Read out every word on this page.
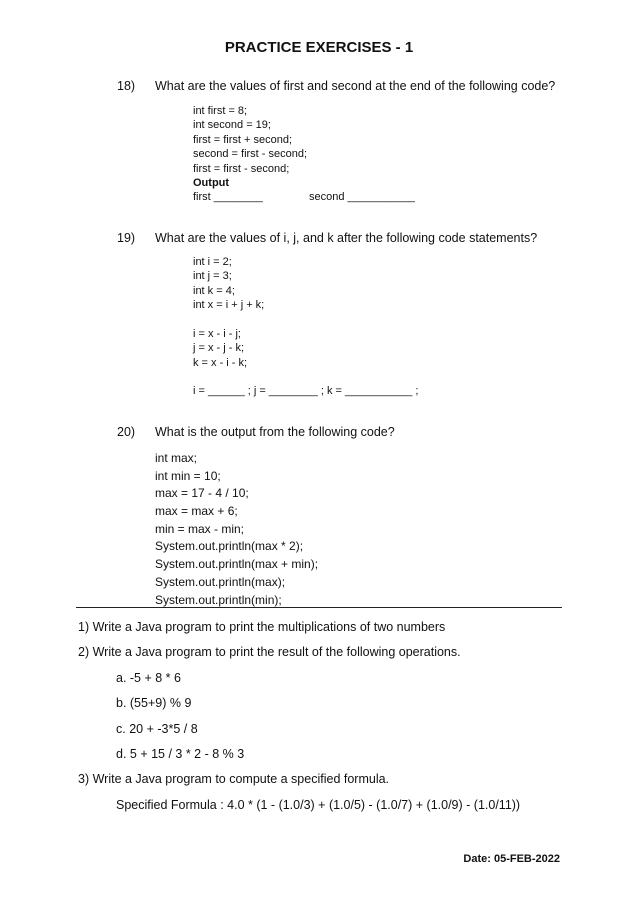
PRACTICE EXERCISES - 1
18) What are the values of first and second at the end of the following code?
int first = 8;
int second = 19;
first = first + second;
second = first - second;
first = first - second;
Output
first ________	second ___________
19) What are the values of i, j, and k after the following code statements?
int i = 2;
int j = 3;
int k = 4;
int x = i + j + k;
i = x - i - j;
j = x - j - k;
k = x - i - k;
i = ______ ; j = ________ ; k = ___________ ;
20) What is the output from the following code?
int max;
int min = 10;
max = 17 - 4 / 10;
max = max + 6;
min = max - min;
System.out.println(max * 2);
System.out.println(max + min);
System.out.println(max);
System.out.println(min);
1) Write a Java program to print the multiplications of two numbers
2) Write a Java program to print the result of the following operations.
a. -5 + 8 * 6
b. (55+9) % 9
c. 20 + -3*5 / 8
d. 5 + 15 / 3 * 2 - 8 % 3
3) Write a Java program to compute a specified formula.
Specified Formula : 4.0 * (1 - (1.0/3) + (1.0/5) - (1.0/7) + (1.0/9) - (1.0/11))
Date: 05-FEB-2022
